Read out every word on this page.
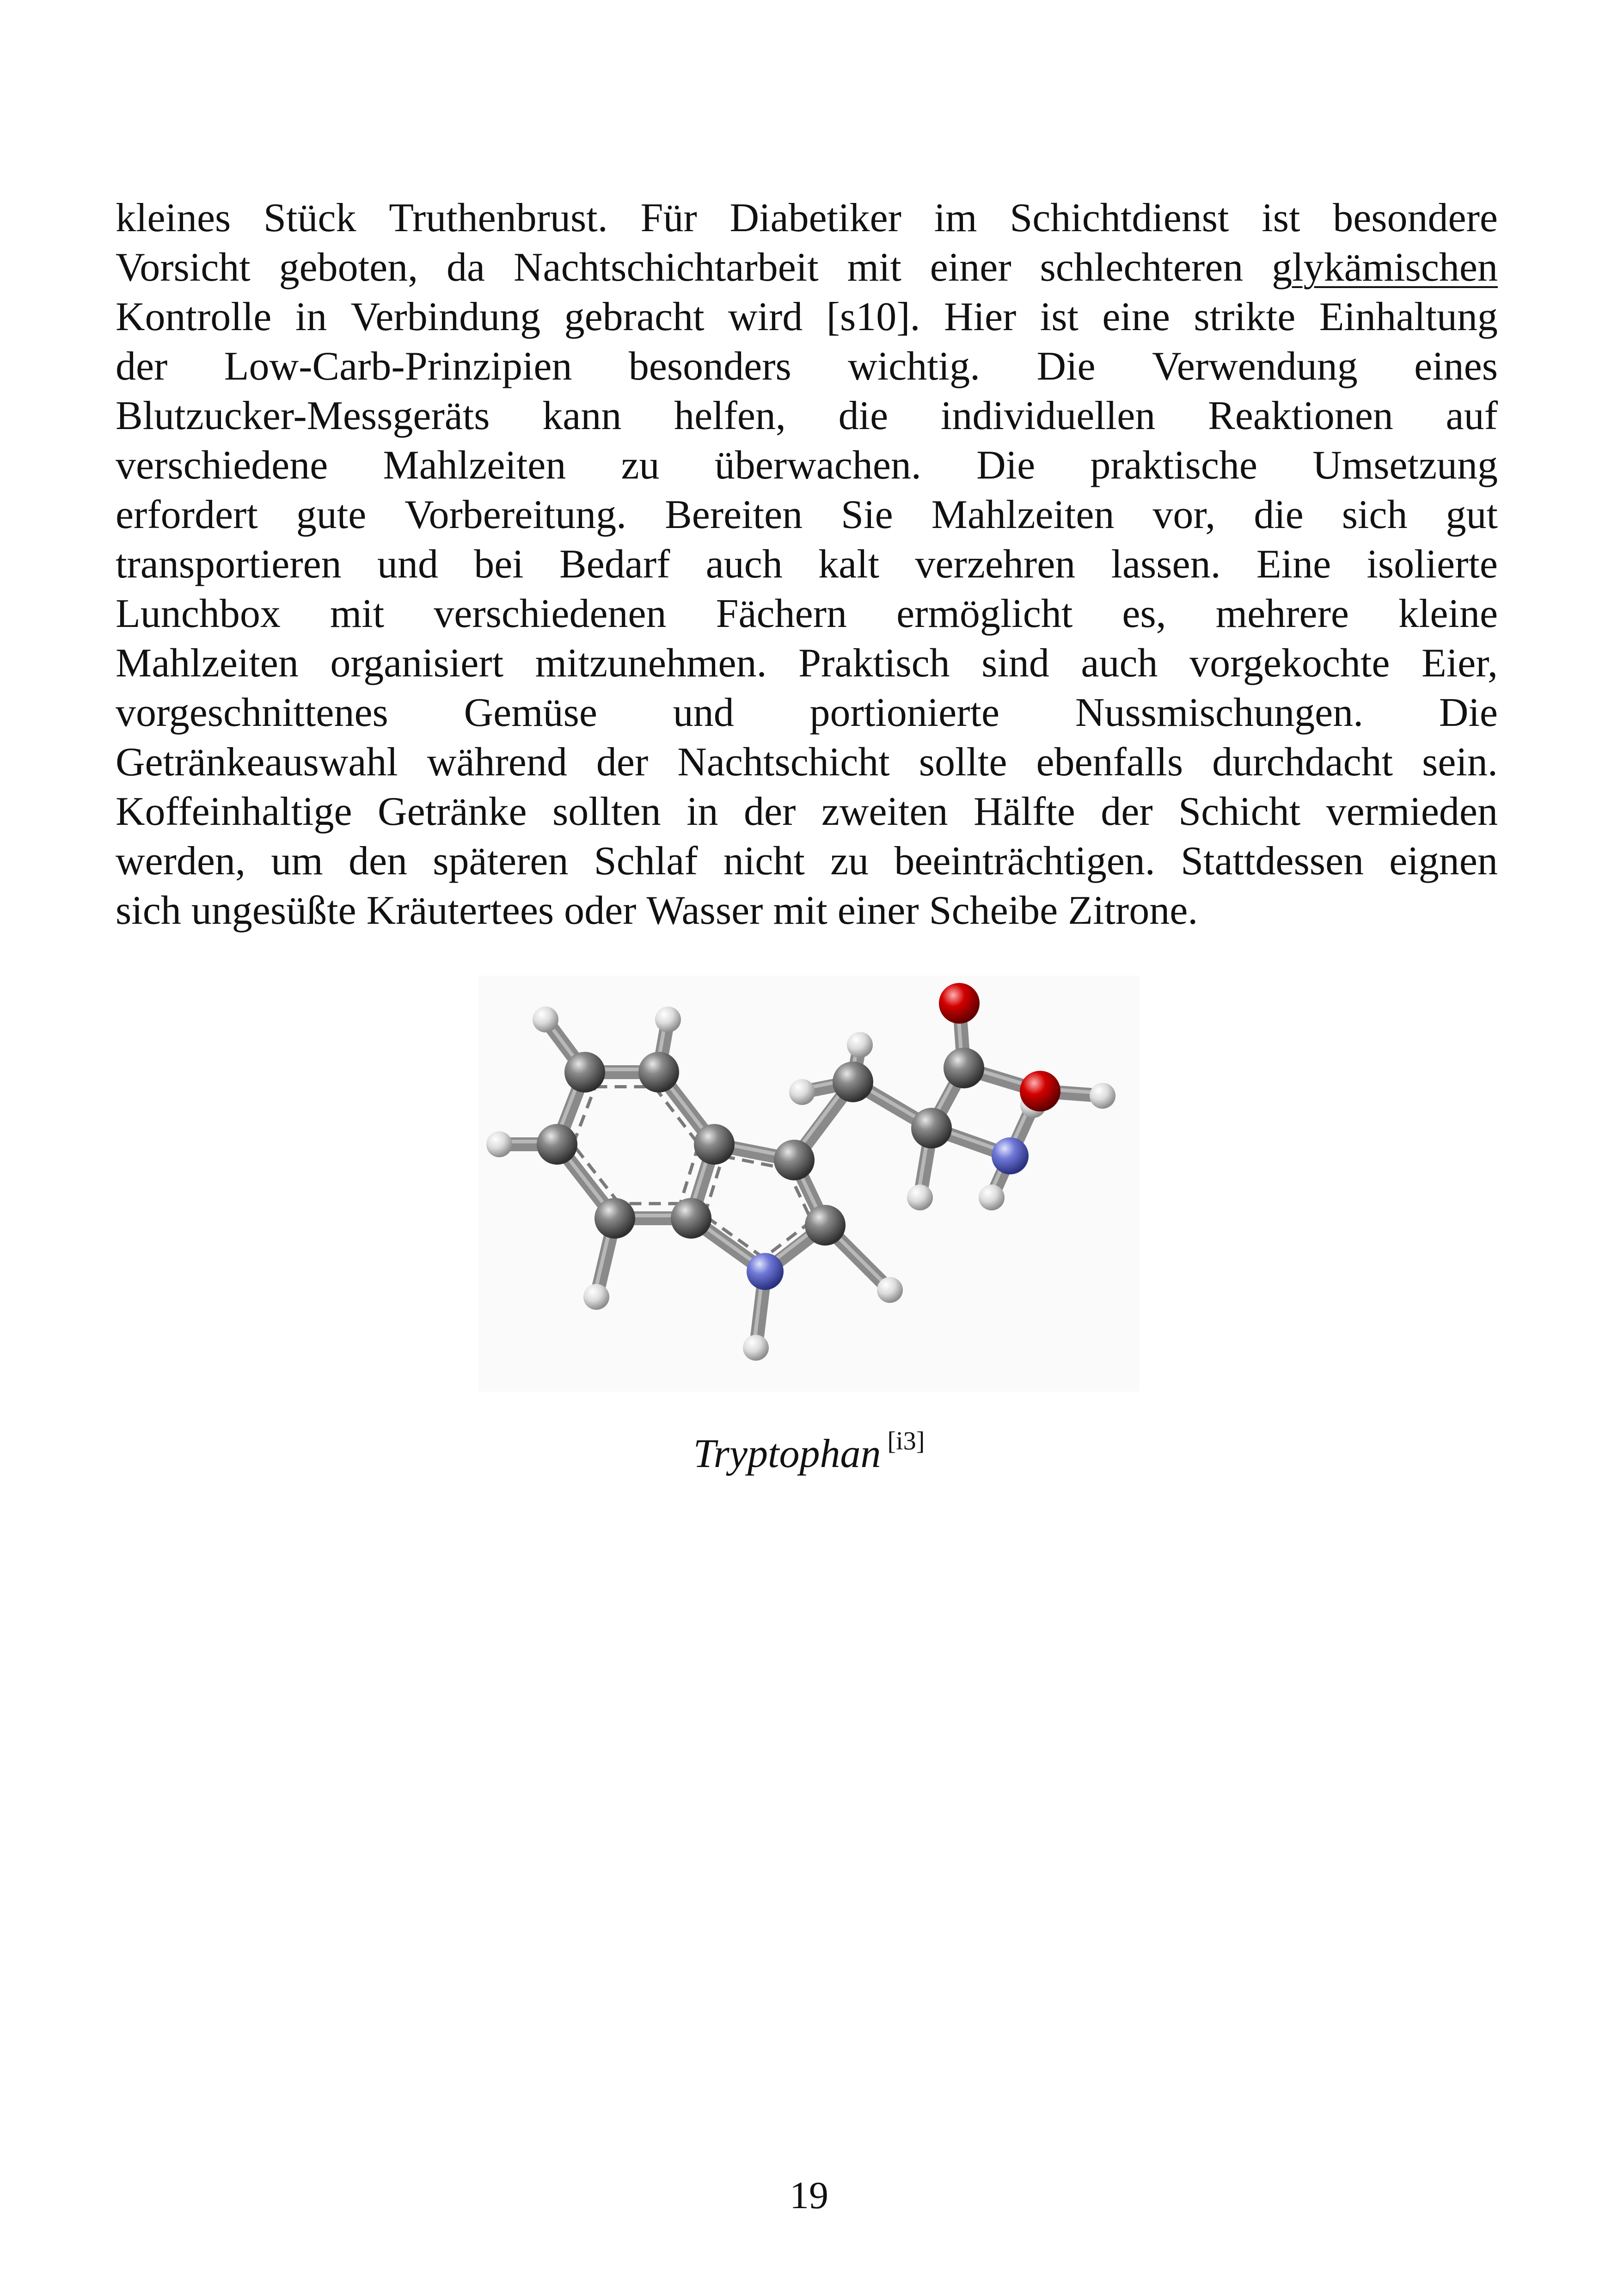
kleines Stück Truthenbrust. Für Diabetiker im Schichtdienst ist besondere
Vorsicht geboten, da Nachtschichtarbeit mit einer schlechteren glykämischen
Kontrolle in Verbindung gebracht wird [s10]. Hier ist eine strikte Einhaltung
der Low-Carb-Prinzipien besonders wichtig. Die Verwendung eines
Blutzucker-Messgeräts kann helfen, die individuellen Reaktionen auf
verschiedene Mahlzeiten zu überwachen. Die praktische Umsetzung
erfordert gute Vorbereitung. Bereiten Sie Mahlzeiten vor, die sich gut
transportieren und bei Bedarf auch kalt verzehren lassen. Eine isolierte
Lunchbox mit verschiedenen Fächern ermöglicht es, mehrere kleine
Mahlzeiten organisiert mitzunehmen. Praktisch sind auch vorgekochte Eier,
vorgeschnittenes Gemüse und portionierte Nussmischungen. Die
Getränkeauswahl während der Nachtschicht sollte ebenfalls durchdacht sein.
Koffeinhaltige Getränke sollten in der zweiten Hälfte der Schicht vermieden
werden, um den späteren Schlaf nicht zu beeinträchtigen. Stattdessen eignen
sich ungesüßte Kräutertees oder Wasser mit einer Scheibe Zitrone.
Tryptophan [i3]
19
